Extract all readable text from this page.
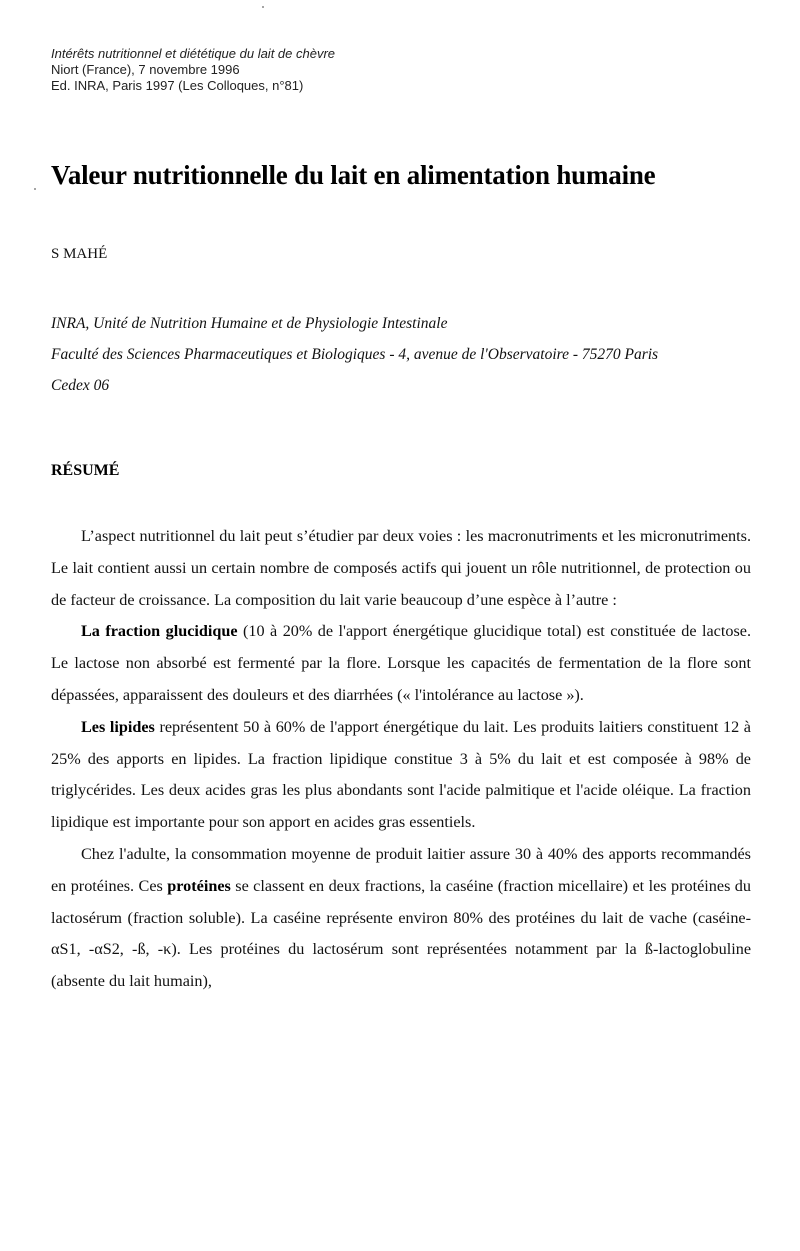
Intérêts nutritionnel et diététique du lait de chèvre
Niort (France), 7 novembre 1996
Ed. INRA, Paris 1997 (Les Colloques, n°81)
Valeur nutritionnelle du lait en alimentation humaine
S MAHÉ
INRA, Unité de Nutrition Humaine et de Physiologie Intestinale
Faculté des Sciences Pharmaceutiques et Biologiques - 4, avenue de l'Observatoire - 75270 Paris
Cedex 06
RÉSUMÉ

L’aspect nutritionnel du lait peut s’étudier par deux voies : les macronutriments et les micronutriments. Le lait contient aussi un certain nombre de composés actifs qui jouent un rôle nutritionnel, de protection ou de facteur de croissance. La composition du lait varie beaucoup d’une espèce à l’autre :

La fraction glucidique (10 à 20% de l'apport énergétique glucidique total) est constituée de lactose. Le lactose non absorbé est fermenté par la flore. Lorsque les capacités de fermentation de la flore sont dépassées, apparaissent des douleurs et des diarrhées (« l'intolérance au lactose »).

Les lipides représentent 50 à 60% de l'apport énergétique du lait. Les produits laitiers constituent 12 à 25% des apports en lipides. La fraction lipidique constitue 3 à 5% du lait et est composée à 98% de triglycérides. Les deux acides gras les plus abondants sont l'acide palmitique et l'acide oléique. La fraction lipidique est importante pour son apport en acides gras essentiels.

Chez l'adulte, la consommation moyenne de produit laitier assure 30 à 40% des apports recommandés en protéines. Ces protéines se classent en deux fractions, la caséine (fraction micellaire) et les protéines du lactosérum (fraction soluble). La caséine représente environ 80% des protéines du lait de vache (caséine-αS1, -αS2, -ß, -κ). Les protéines du lactosérum sont représentées notamment par la ß-lactoglobuline (absente du lait humain),
